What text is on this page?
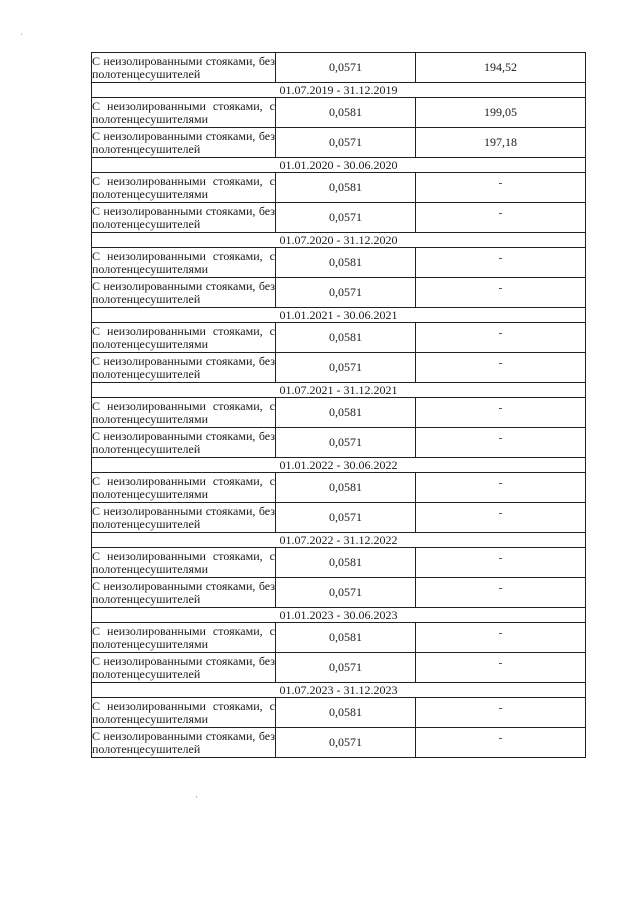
˙
·
С неизолированными стояками, без полотенцесушителей	0,0571	194,52
01.07.2019 - 31.12.2019		
С неизолированными стояками, с полотенцесушителями	0,0581	199,05
С неизолированными стояками, без полотенцесушителей	0,0571	197,18
01.01.2020 - 30.06.2020		
С неизолированными стояками, с полотенцесушителями	0,0581	-

С неизолированными стояками, без полотенцесушителей	0,0571	-

01.07.2020 - 31.12.2020		
С неизолированными стояками, с полотенцесушителями	0,0581	-

С неизолированными стояками, без полотенцесушителей	0,0571	-

01.01.2021 - 30.06.2021		
С неизолированными стояками, с полотенцесушителями	0,0581	-

С неизолированными стояками, без полотенцесушителей	0,0571	-

01.07.2021 - 31.12.2021		
С неизолированными стояками, с полотенцесушителями	0,0581	-

С неизолированными стояками, без полотенцесушителей	0,0571	-

01.01.2022 - 30.06.2022		
С неизолированными стояками, с полотенцесушителями	0,0581	-

С неизолированными стояками, без полотенцесушителей	0,0571	-

01.07.2022 - 31.12.2022		
С неизолированными стояками, с полотенцесушителями	0,0581	-

С неизолированными стояками, без полотенцесушителей	0,0571	-

01.01.2023 - 30.06.2023		
С неизолированными стояками, с полотенцесушителями	0,0581	-

С неизолированными стояками, без полотенцесушителей	0,0571	-

01.07.2023 - 31.12.2023		
С неизолированными стояками, с полотенцесушителями	0,0581	-

С неизолированными стояками, без полотенцесушителей	0,0571	-
